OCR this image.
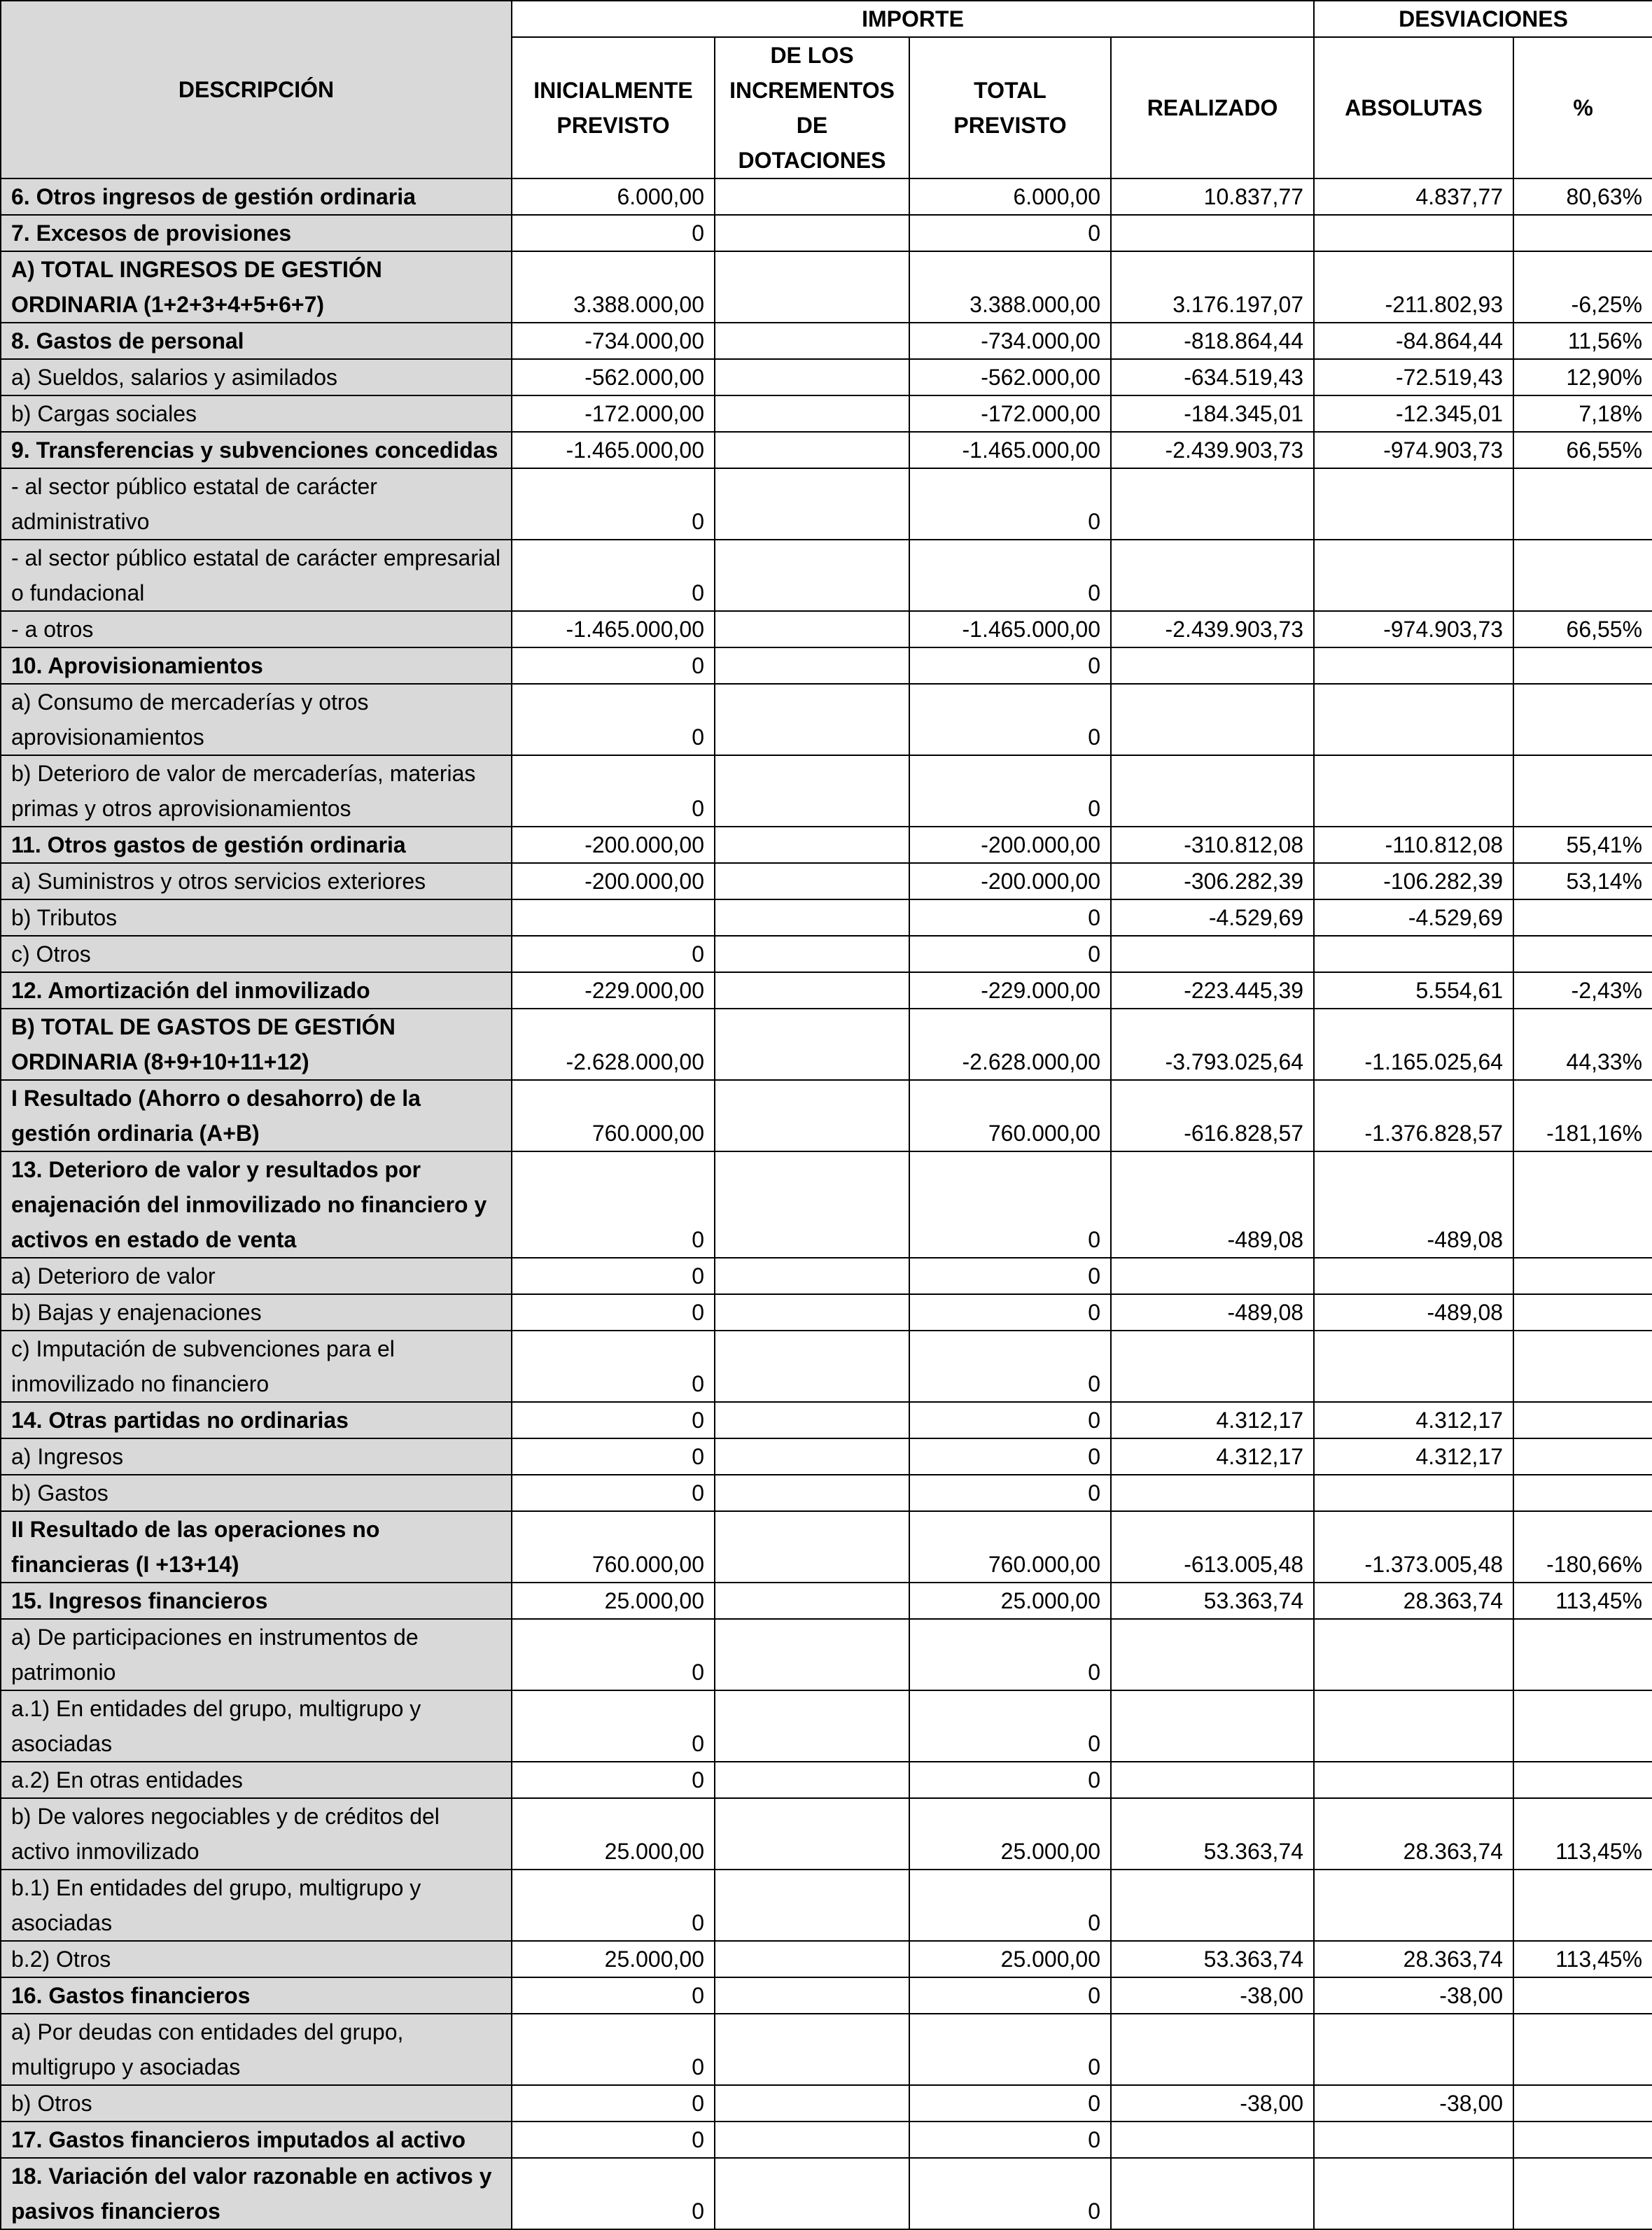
DESCRIPCIÓN	IMPORTE				DESVIACIONES	
	INICIALMENTE PREVISTO	DE LOS INCREMENTOS DE DOTACIONES	TOTAL PREVISTO	REALIZADO	ABSOLUTAS	%
6. Otros ingresos de gestión ordinaria	6.000,00		6.000,00	10.837,77	4.837,77	80,63%
7. Excesos de provisiones	0		0			
A) TOTAL INGRESOS DE GESTIÓN ORDINARIA (1+2+3+4+5+6+7)	3.388.000,00		3.388.000,00	3.176.197,07	-211.802,93	-6,25%
8. Gastos de personal	-734.000,00		-734.000,00	-818.864,44	-84.864,44	11,56%
a) Sueldos, salarios y asimilados	-562.000,00		-562.000,00	-634.519,43	-72.519,43	12,90%
b) Cargas sociales	-172.000,00		-172.000,00	-184.345,01	-12.345,01	7,18%
9. Transferencias y subvenciones concedidas	-1.465.000,00		-1.465.000,00	-2.439.903,73	-974.903,73	66,55%
- al sector público estatal de carácter administrativo	0		0			
- al sector público estatal de carácter empresarial o fundacional	0		0			
- a otros	-1.465.000,00		-1.465.000,00	-2.439.903,73	-974.903,73	66,55%
10. Aprovisionamientos	0		0			
a) Consumo de mercaderías y otros aprovisionamientos	0		0			
b) Deterioro de valor de mercaderías, materias primas y otros aprovisionamientos	0		0			
11. Otros gastos de gestión ordinaria	-200.000,00		-200.000,00	-310.812,08	-110.812,08	55,41%
a) Suministros y otros servicios exteriores	-200.000,00		-200.000,00	-306.282,39	-106.282,39	53,14%
b) Tributos			0	-4.529,69	-4.529,69	
c) Otros	0		0			
12. Amortización del inmovilizado	-229.000,00		-229.000,00	-223.445,39	5.554,61	-2,43%
B) TOTAL DE GASTOS DE GESTIÓN ORDINARIA (8+9+10+11+12)	-2.628.000,00		-2.628.000,00	-3.793.025,64	-1.165.025,64	44,33%
I Resultado (Ahorro o desahorro) de la gestión ordinaria (A+B)	760.000,00		760.000,00	-616.828,57	-1.376.828,57	-181,16%
13. Deterioro de valor y resultados por enajenación del inmovilizado no financiero y activos en estado de venta	0		0	-489,08	-489,08	
a) Deterioro de valor	0		0			
b) Bajas y enajenaciones	0		0	-489,08	-489,08	
c) Imputación de subvenciones para el inmovilizado no financiero	0		0			
14. Otras partidas no ordinarias	0		0	4.312,17	4.312,17	
a) Ingresos	0		0	4.312,17	4.312,17	
b) Gastos	0		0			
II Resultado de las operaciones no financieras (I +13+14)	760.000,00		760.000,00	-613.005,48	-1.373.005,48	-180,66%
15. Ingresos financieros	25.000,00		25.000,00	53.363,74	28.363,74	113,45%
a) De participaciones en instrumentos de patrimonio	0		0			
a.1) En entidades del grupo, multigrupo y asociadas	0		0			
a.2) En otras entidades	0		0			
b) De valores negociables y de créditos del activo inmovilizado	25.000,00		25.000,00	53.363,74	28.363,74	113,45%
b.1) En entidades del grupo, multigrupo y asociadas	0		0			
b.2) Otros	25.000,00		25.000,00	53.363,74	28.363,74	113,45%
16. Gastos financieros	0		0	-38,00	-38,00	
a) Por deudas con entidades del grupo, multigrupo y asociadas	0		0			
b) Otros	0		0	-38,00	-38,00	
17. Gastos financieros imputados al activo	0		0			
18. Variación del valor razonable en activos y pasivos financieros	0		0			
